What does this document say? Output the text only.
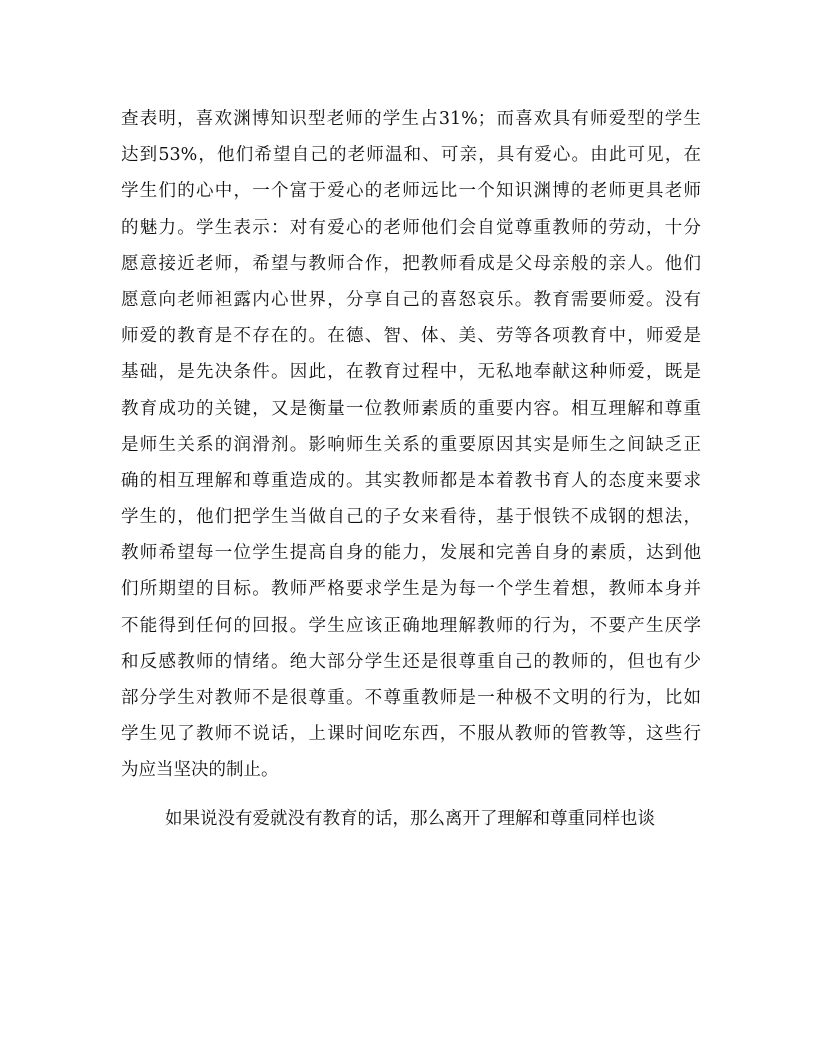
查表明，喜欢渊博知识型老师的学生占31%；而喜欢具有师爱型的学生
达到53%，他们希望自己的老师温和、可亲，具有爱心。由此可见，在
学生们的心中，一个富于爱心的老师远比一个知识渊博的老师更具老师
的魅力。学生表示：对有爱心的老师他们会自觉尊重教师的劳动，十分
愿意接近老师，希望与教师合作，把教师看成是父母亲般的亲人。他们
愿意向老师袒露内心世界，分享自己的喜怒哀乐。教育需要师爱。没有
师爱的教育是不存在的。在德、智、体、美、劳等各项教育中，师爱是
基础，是先决条件。因此，在教育过程中，无私地奉献这种师爱，既是
教育成功的关键，又是衡量一位教师素质的重要内容。相互理解和尊重
是师生关系的润滑剂。影响师生关系的重要原因其实是师生之间缺乏正
确的相互理解和尊重造成的。其实教师都是本着教书育人的态度来要求
学生的，他们把学生当做自己的子女来看待，基于恨铁不成钢的想法，
教师希望每一位学生提高自身的能力，发展和完善自身的素质，达到他
们所期望的目标。教师严格要求学生是为每一个学生着想，教师本身并
不能得到任何的回报。学生应该正确地理解教师的行为，不要产生厌学
和反感教师的情绪。绝大部分学生还是很尊重自己的教师的，但也有少
部分学生对教师不是很尊重。不尊重教师是一种极不文明的行为，比如
学生见了教师不说话，上课时间吃东西，不服从教师的管教等，这些行
为应当坚决的制止。
如果说没有爱就没有教育的话，那么离开了理解和尊重同样也谈
